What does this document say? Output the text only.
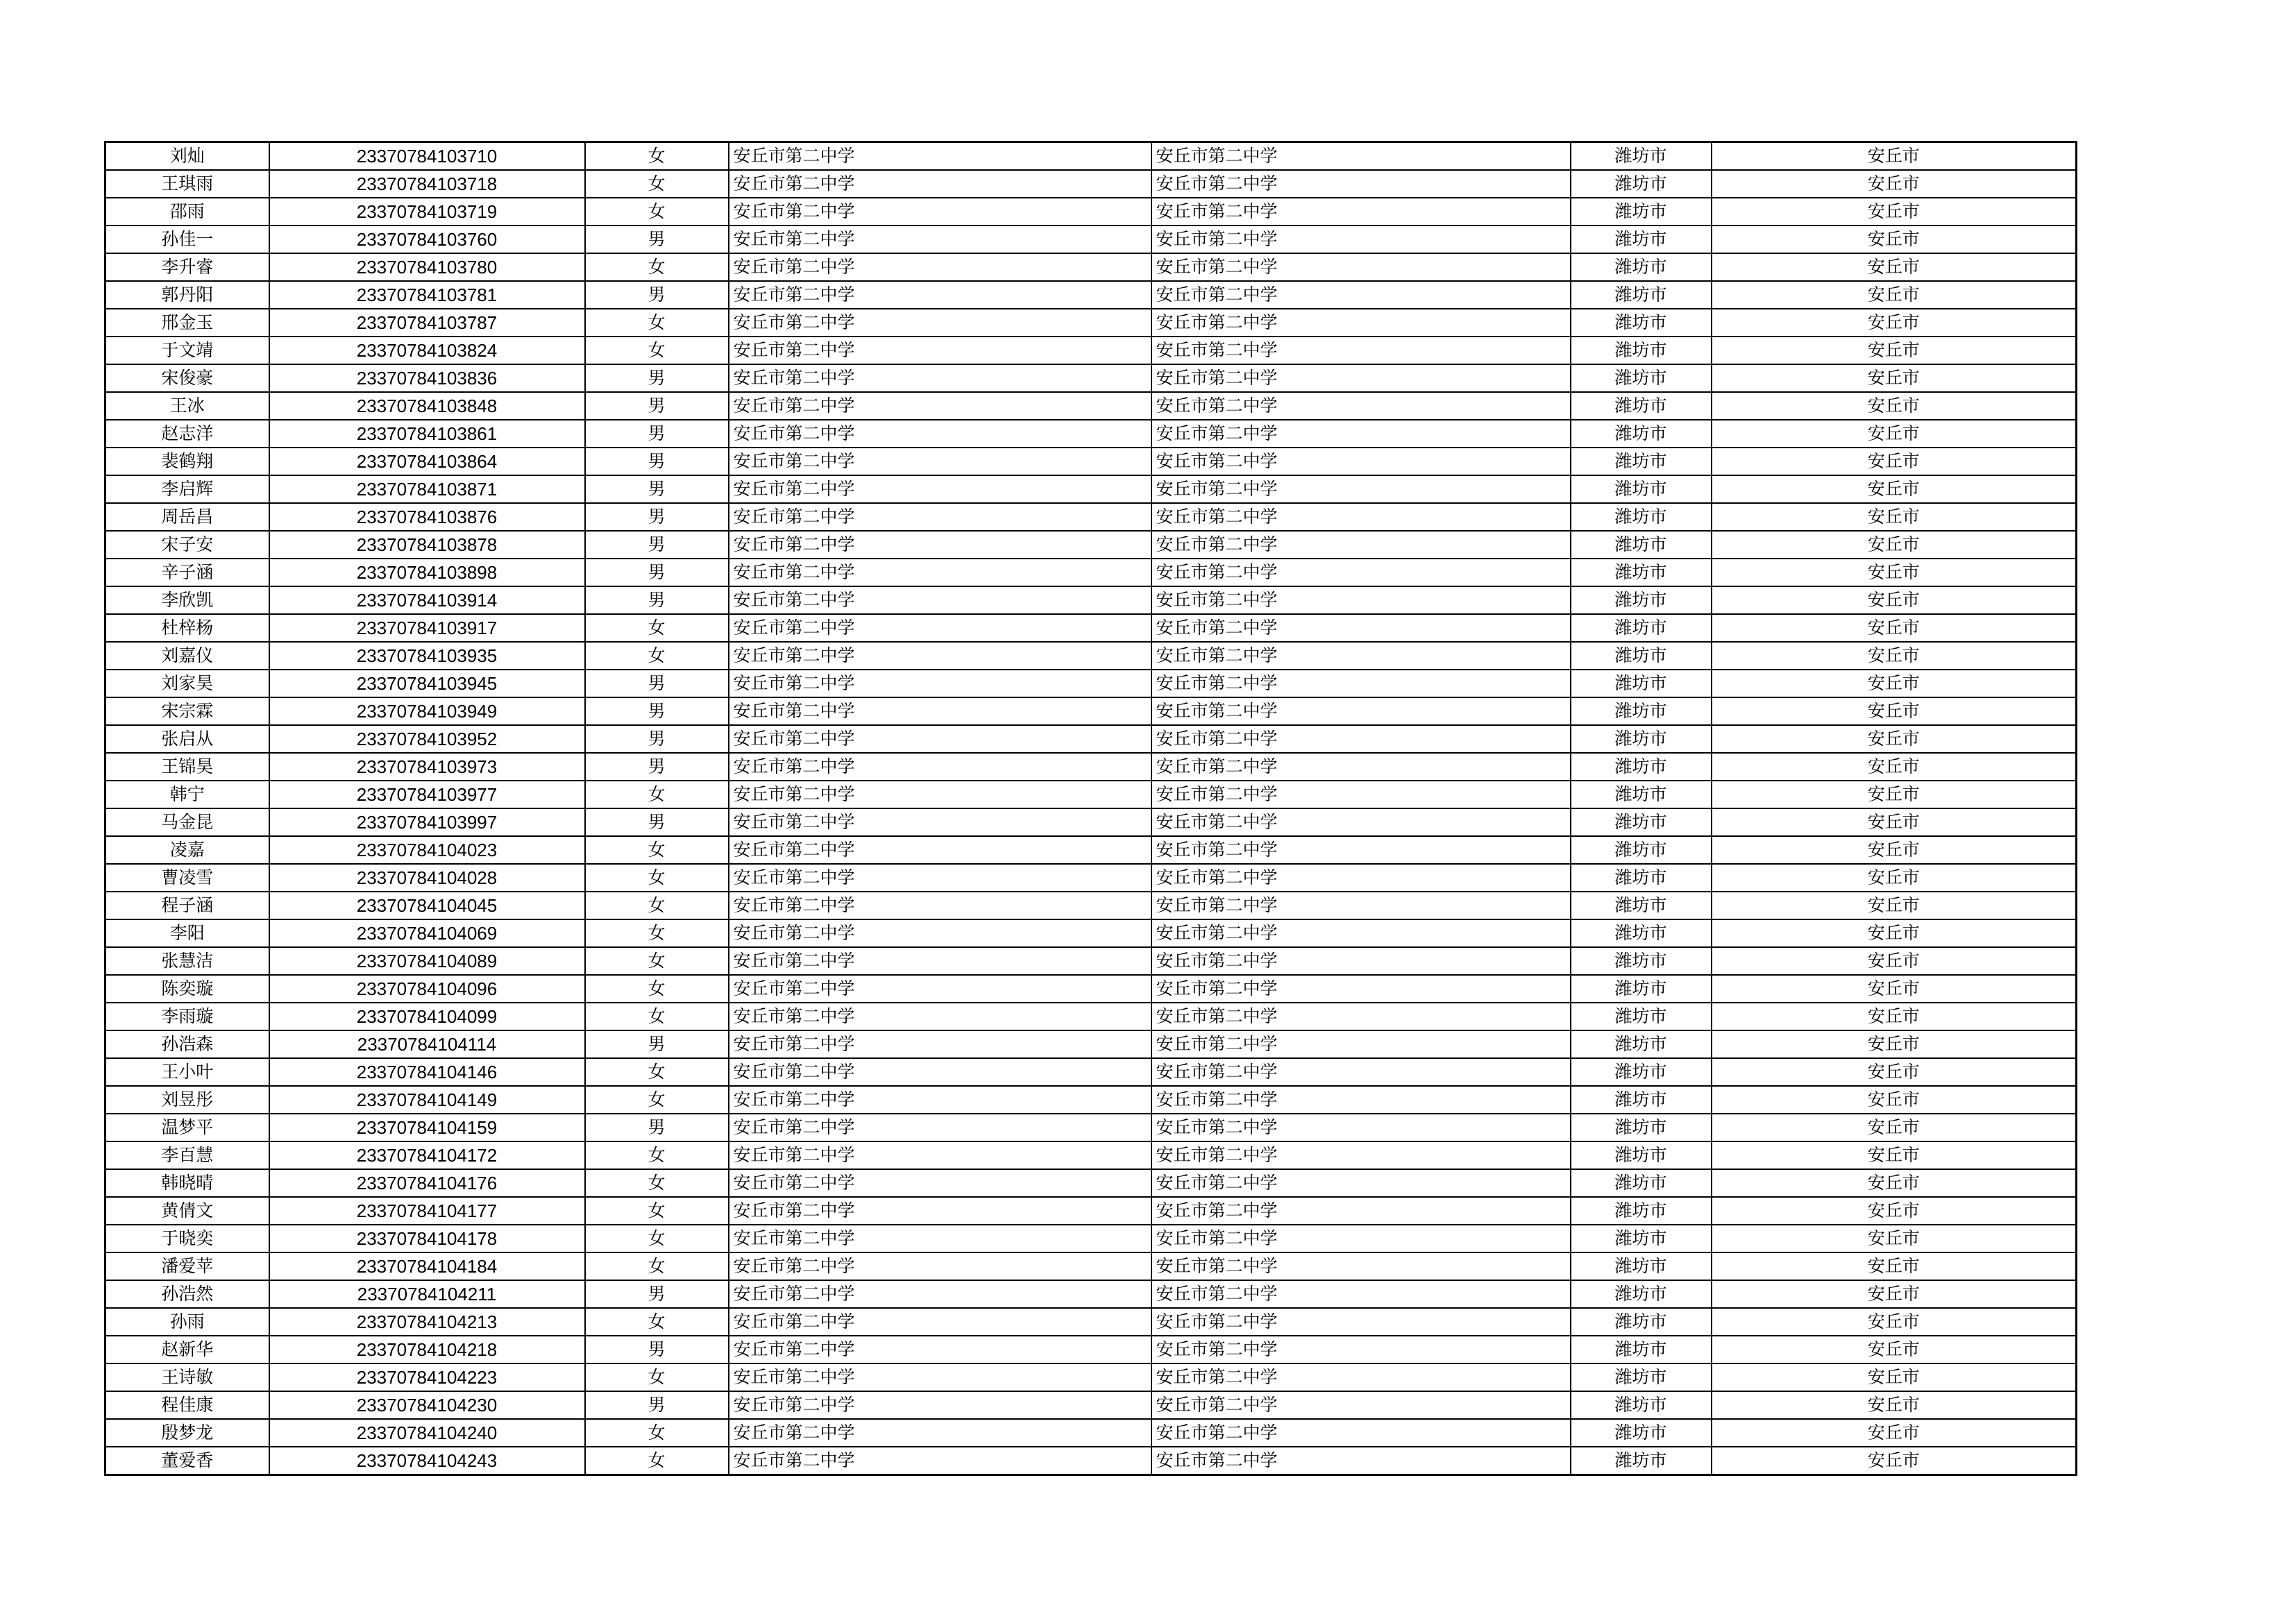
刘灿	23370784103710	女	安丘市第二中学	安丘市第二中学	潍坊市	安丘市
王琪雨	23370784103718	女	安丘市第二中学	安丘市第二中学	潍坊市	安丘市
邵雨	23370784103719	女	安丘市第二中学	安丘市第二中学	潍坊市	安丘市
孙佳一	23370784103760	男	安丘市第二中学	安丘市第二中学	潍坊市	安丘市
李升睿	23370784103780	女	安丘市第二中学	安丘市第二中学	潍坊市	安丘市
郭丹阳	23370784103781	男	安丘市第二中学	安丘市第二中学	潍坊市	安丘市
邢金玉	23370784103787	女	安丘市第二中学	安丘市第二中学	潍坊市	安丘市
于文靖	23370784103824	女	安丘市第二中学	安丘市第二中学	潍坊市	安丘市
宋俊豪	23370784103836	男	安丘市第二中学	安丘市第二中学	潍坊市	安丘市
王冰	23370784103848	男	安丘市第二中学	安丘市第二中学	潍坊市	安丘市
赵志洋	23370784103861	男	安丘市第二中学	安丘市第二中学	潍坊市	安丘市
裴鹤翔	23370784103864	男	安丘市第二中学	安丘市第二中学	潍坊市	安丘市
李启辉	23370784103871	男	安丘市第二中学	安丘市第二中学	潍坊市	安丘市
周岳昌	23370784103876	男	安丘市第二中学	安丘市第二中学	潍坊市	安丘市
宋子安	23370784103878	男	安丘市第二中学	安丘市第二中学	潍坊市	安丘市
辛子涵	23370784103898	男	安丘市第二中学	安丘市第二中学	潍坊市	安丘市
李欣凯	23370784103914	男	安丘市第二中学	安丘市第二中学	潍坊市	安丘市
杜梓杨	23370784103917	女	安丘市第二中学	安丘市第二中学	潍坊市	安丘市
刘嘉仪	23370784103935	女	安丘市第二中学	安丘市第二中学	潍坊市	安丘市
刘家昊	23370784103945	男	安丘市第二中学	安丘市第二中学	潍坊市	安丘市
宋宗霖	23370784103949	男	安丘市第二中学	安丘市第二中学	潍坊市	安丘市
张启从	23370784103952	男	安丘市第二中学	安丘市第二中学	潍坊市	安丘市
王锦昊	23370784103973	男	安丘市第二中学	安丘市第二中学	潍坊市	安丘市
韩宁	23370784103977	女	安丘市第二中学	安丘市第二中学	潍坊市	安丘市
马金昆	23370784103997	男	安丘市第二中学	安丘市第二中学	潍坊市	安丘市
凌嘉	23370784104023	女	安丘市第二中学	安丘市第二中学	潍坊市	安丘市
曹凌雪	23370784104028	女	安丘市第二中学	安丘市第二中学	潍坊市	安丘市
程子涵	23370784104045	女	安丘市第二中学	安丘市第二中学	潍坊市	安丘市
李阳	23370784104069	女	安丘市第二中学	安丘市第二中学	潍坊市	安丘市
张慧洁	23370784104089	女	安丘市第二中学	安丘市第二中学	潍坊市	安丘市
陈奕璇	23370784104096	女	安丘市第二中学	安丘市第二中学	潍坊市	安丘市
李雨璇	23370784104099	女	安丘市第二中学	安丘市第二中学	潍坊市	安丘市
孙浩森	23370784104114	男	安丘市第二中学	安丘市第二中学	潍坊市	安丘市
王小叶	23370784104146	女	安丘市第二中学	安丘市第二中学	潍坊市	安丘市
刘昱彤	23370784104149	女	安丘市第二中学	安丘市第二中学	潍坊市	安丘市
温梦平	23370784104159	男	安丘市第二中学	安丘市第二中学	潍坊市	安丘市
李百慧	23370784104172	女	安丘市第二中学	安丘市第二中学	潍坊市	安丘市
韩晓晴	23370784104176	女	安丘市第二中学	安丘市第二中学	潍坊市	安丘市
黄倩文	23370784104177	女	安丘市第二中学	安丘市第二中学	潍坊市	安丘市
于晓奕	23370784104178	女	安丘市第二中学	安丘市第二中学	潍坊市	安丘市
潘爱苹	23370784104184	女	安丘市第二中学	安丘市第二中学	潍坊市	安丘市
孙浩然	23370784104211	男	安丘市第二中学	安丘市第二中学	潍坊市	安丘市
孙雨	23370784104213	女	安丘市第二中学	安丘市第二中学	潍坊市	安丘市
赵新华	23370784104218	男	安丘市第二中学	安丘市第二中学	潍坊市	安丘市
王诗敏	23370784104223	女	安丘市第二中学	安丘市第二中学	潍坊市	安丘市
程佳康	23370784104230	男	安丘市第二中学	安丘市第二中学	潍坊市	安丘市
殷梦龙	23370784104240	女	安丘市第二中学	安丘市第二中学	潍坊市	安丘市
董爱香	23370784104243	女	安丘市第二中学	安丘市第二中学	潍坊市	安丘市
